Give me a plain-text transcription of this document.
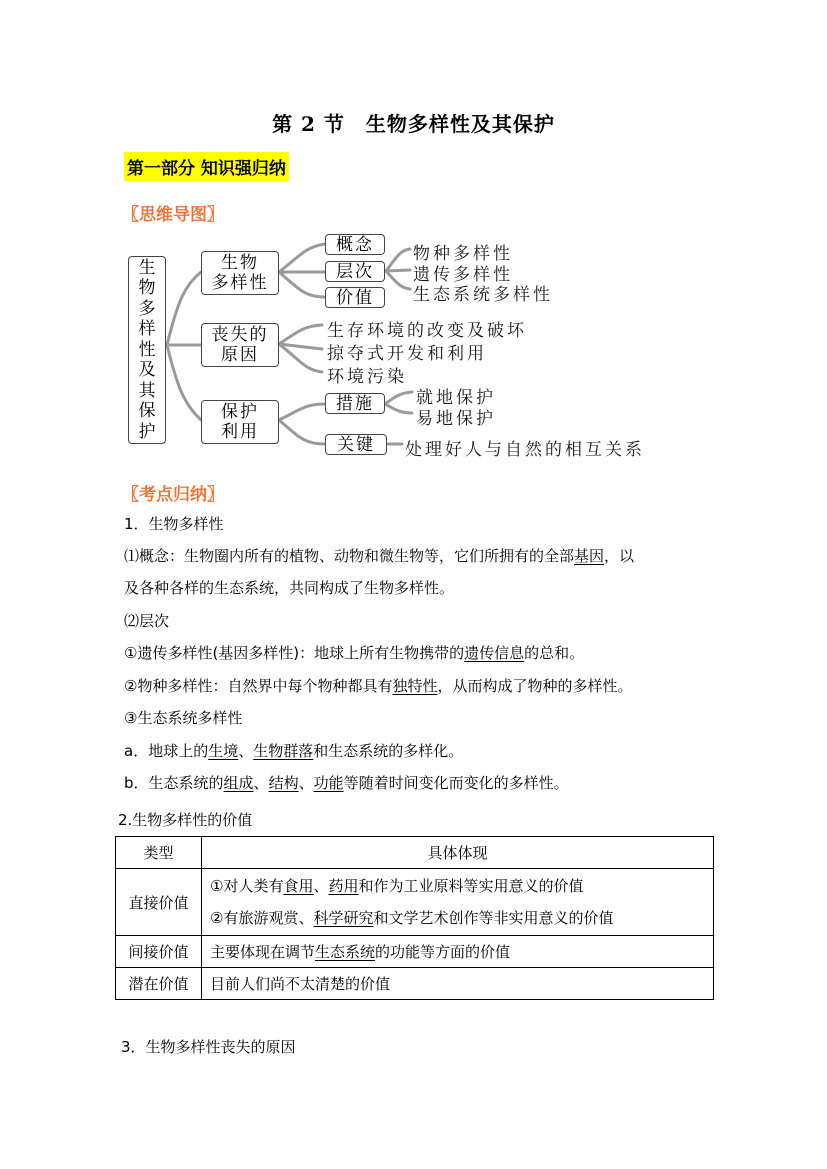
第 2 节　生物多样性及其保护
第一部分 知识强归纳
〖思维导图〗
生
物
多
样
性
及
其
保
护
生物
多样性
概念
层次
价值
物种多样性
遗传多样性
生态系统多样性
丧失的
原因
生存环境的改变及破坏
掠夺式开发和利用
环境污染
保护
利用
措施
关键
就地保护
易地保护
处理好人与自然的相互关系
〖考点归纳〗
1．生物多样性
⑴概念：生物圈内所有的植物、动物和微生物等，它们所拥有的全部基因，以
及各种各样的生态系统，共同构成了生物多样性。
⑵层次
①遗传多样性(基因多样性)：地球上所有生物携带的遗传信息的总和。
②物种多样性：自然界中每个物种都具有独特性，从而构成了物种的多样性。
③生态系统多样性
a．地球上的生境、生物群落和生态系统的多样化。
b．生态系统的组成、结构、功能等随着时间变化而变化的多样性。
2.生物多样性的价值
类型	具体体现
直接价值	①对人类有食用、药用和作为工业原料等实用意义的价值
②有旅游观赏、科学研究和文学艺术创作等非实用意义的价值

间接价值	主要体现在调节生态系统的功能等方面的价值
潜在价值	目前人们尚不太清楚的价值
3．生物多样性丧失的原因
